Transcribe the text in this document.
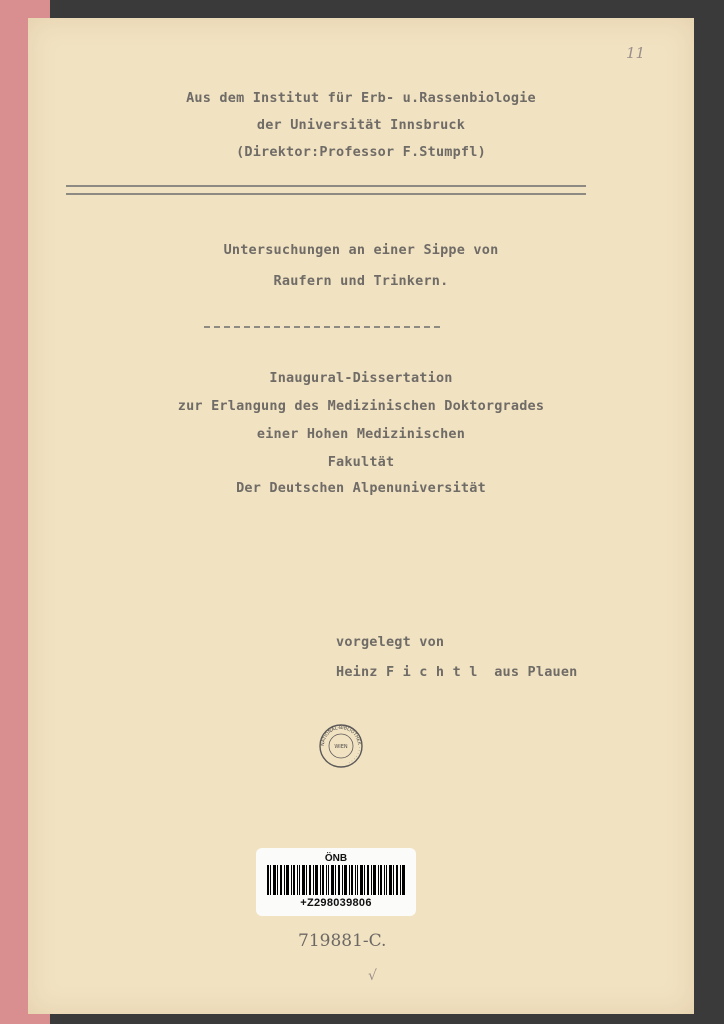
11
Aus dem Institut für Erb- u.Rassenbiologie
der Universität Innsbruck
(Direktor:Professor F.Stumpfl)
Untersuchungen an einer Sippe von
Raufern und Trinkern.
Inaugural-Dissertation
zur Erlangung des Medizinischen Doktorgrades
einer Hohen Medizinischen
Fakultät
Der Deutschen Alpenuniversität
vorgelegt von
Heinz F i c h t l  aus Plauen
NATIONAL-BIBLIOTHEK · · · · · · ·
WIEN
ÖNB
+Z298039806
719881-C.
√
